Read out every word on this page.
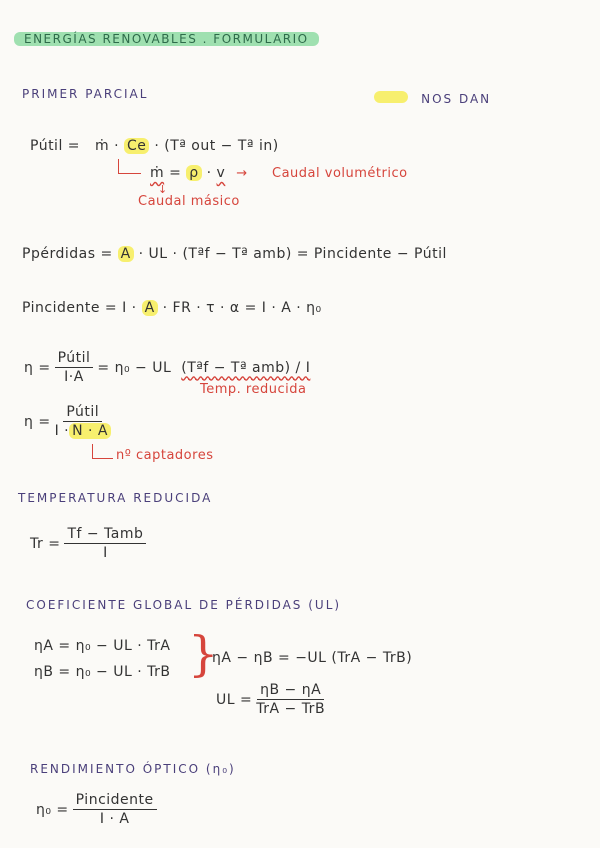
ENERGÍAS RENOVABLES . FORMULARIO
NOS DAN
PRIMER PARCIAL
Pútil = ṁ · Ce · (Tª out − Tª in)
ṁ = ρ · v → Caudal volumétrico
↓
Caudal másico
Ppérdidas = A · UL · (Tªf − Tª amb) = Pincidente − Pútil
Pincidente = I · A · FR · τ · α = I · A · η₀
$\eta = \frac{\text{Pútil}}{I\cdot A} = \eta_0$ − UL (Tªf − Tª amb) / I
Temp. reducida
$\eta = \frac{\text{Pútil}}{I \cdot N \cdot A}$
nº captadores
TEMPERATURA REDUCIDA
$Tr = \frac{\text{Tf − Tamb}}{I}$
COEFICIENTE GLOBAL DE PÉRDIDAS (UL)
ηA = η₀ − UL · TrA
ηB = η₀ − UL · TrB }
ηA − ηB = −UL (TrA − TrB)
UL = $\frac{\eta B - \eta A}{\text{TrA − TrB}}$
RENDIMIENTO ÓPTICO (η₀)
$\eta_0 = \frac{\text{Pincidente}}{I \cdot A}$
